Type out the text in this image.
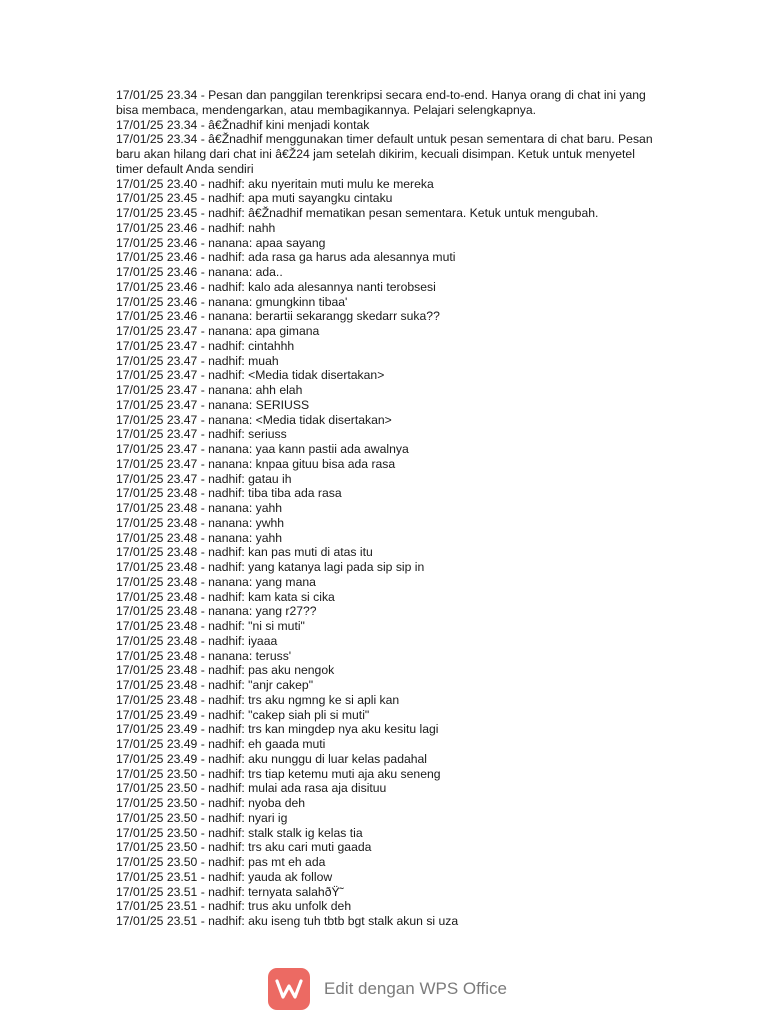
17/01/25 23.34 - Pesan dan panggilan terenkripsi secara end-to-end. Hanya orang di chat ini yang bisa membaca, mendengarkan, atau membagikannya. Pelajari selengkapnya.
17/01/25 23.34 - â€Žnadhif kini menjadi kontak
17/01/25 23.34 - â€Žnadhif menggunakan timer default untuk pesan sementara di chat baru. Pesan baru akan hilang dari chat ini â€Ž24 jam setelah dikirim, kecuali disimpan. Ketuk untuk menyetel timer default Anda sendiri
17/01/25 23.40 - nadhif: aku nyeritain muti mulu ke mereka
17/01/25 23.45 - nadhif: apa muti sayangku cintaku
17/01/25 23.45 - nadhif: â€Žnadhif mematikan pesan sementara. Ketuk untuk mengubah.
17/01/25 23.46 - nadhif: nahh
17/01/25 23.46 - nanana: apaa sayang
17/01/25 23.46 - nadhif: ada rasa ga harus ada alesannya muti
17/01/25 23.46 - nanana: ada..
17/01/25 23.46 - nadhif: kalo ada alesannya nanti terobsesi
17/01/25 23.46 - nanana: gmungkinn tibaa'
17/01/25 23.46 - nanana: berartii sekarangg skedarr suka??
17/01/25 23.47 - nanana: apa gimana
17/01/25 23.47 - nadhif: cintahhh
17/01/25 23.47 - nadhif: muah
17/01/25 23.47 - nadhif: <Media tidak disertakan>
17/01/25 23.47 - nanana: ahh elah
17/01/25 23.47 - nanana: SERIUSS
17/01/25 23.47 - nanana: <Media tidak disertakan>
17/01/25 23.47 - nadhif: seriuss
17/01/25 23.47 - nanana: yaa kann pastii ada awalnya
17/01/25 23.47 - nanana: knpaa gituu bisa ada rasa
17/01/25 23.47 - nadhif: gatau ih
17/01/25 23.48 - nadhif: tiba tiba ada rasa
17/01/25 23.48 - nanana: yahh
17/01/25 23.48 - nanana: ywhh
17/01/25 23.48 - nanana: yahh
17/01/25 23.48 - nadhif: kan pas muti di atas itu
17/01/25 23.48 - nadhif: yang katanya lagi pada sip sip in
17/01/25 23.48 - nanana: yang mana
17/01/25 23.48 - nadhif: kam kata si cika
17/01/25 23.48 - nanana: yang r27??
17/01/25 23.48 - nadhif: "ni si muti"
17/01/25 23.48 - nadhif: iyaaa
17/01/25 23.48 - nanana: teruss'
17/01/25 23.48 - nadhif: pas aku nengok
17/01/25 23.48 - nadhif: "anjr cakep"
17/01/25 23.48 - nadhif: trs aku ngmng ke si apli kan
17/01/25 23.49 - nadhif: "cakep siah pli si muti"
17/01/25 23.49 - nadhif: trs kan mingdep nya aku kesitu lagi
17/01/25 23.49 - nadhif: eh gaada muti
17/01/25 23.49 - nadhif: aku nunggu di luar kelas padahal
17/01/25 23.50 - nadhif: trs tiap ketemu muti aja aku seneng
17/01/25 23.50 - nadhif: mulai ada rasa aja disituu
17/01/25 23.50 - nadhif: nyoba deh
17/01/25 23.50 - nadhif: nyari ig
17/01/25 23.50 - nadhif: stalk stalk ig kelas tia
17/01/25 23.50 - nadhif: trs aku cari muti gaada
17/01/25 23.50 - nadhif: pas mt eh ada
17/01/25 23.51 - nadhif: yauda ak follow
17/01/25 23.51 - nadhif: ternyata salahðŸ˜
17/01/25 23.51 - nadhif: trus aku unfolk deh
17/01/25 23.51 - nadhif: aku iseng tuh tbtb bgt stalk akun si uza
Edit dengan WPS Office
